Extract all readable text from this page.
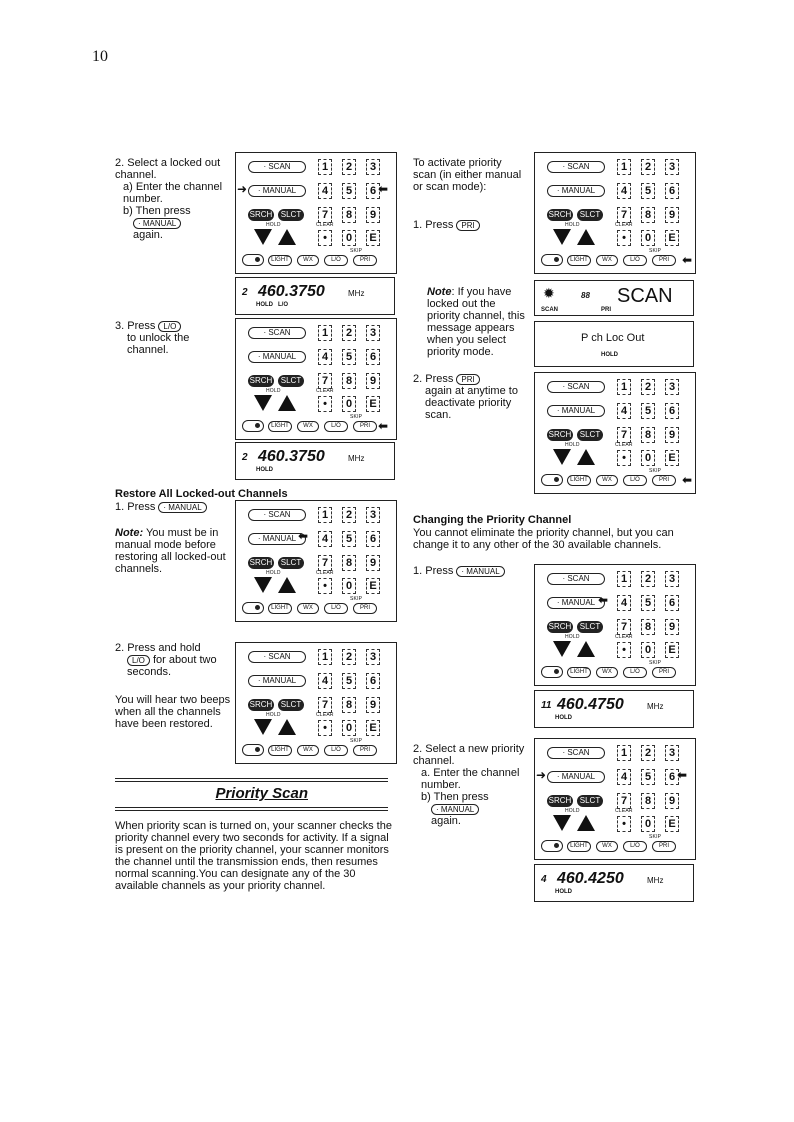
10
2. Select a locked out channel.
a) Enter the channel number.
b) Then press
· MANUAL
again.
3. Press L/O
to unlock the channel.
Restore All Locked-out Channels
1. Press · MANUAL
Note: You must be in manual mode before restoring all locked-out channels.
2. Press and hold
L/O for about two seconds.
You will hear two beeps when all the channels have been restored.
Priority Scan
When priority scan is turned on, your scanner checks the priority channel every two seconds for activity. If a signal is present on the priority channel, your scanner monitors the channel until the transmission ends, then resumes normal scanning.You can designate any of the 30 available channels as your priority channel.
To activate priority scan (in either manual or scan mode):
1. Press PRI
Note: If you have locked out the priority channel, this message appears when you select priority mode.
2. Press PRI
again at anytime to deactivate priority scan.
Changing the Priority Channel
You cannot eliminate the priority channel, but you can change it to any other of the 30 available channels.
1. Press · MANUAL
2. Select a new priority channel.
a. Enter the channel number.
b) Then press
· MANUAL
again.
· SCAN
· MANUAL
SRCH	SLCT
HOLD	CLEAR
1	2	3
4	5	6
7	8	9
•	0	E
SKIP
LIGHT	WX	L/O	PRI
· SCAN
· MANUAL
SRCH	SLCT
HOLD	CLEAR
1	2	3
4	5	6
7	8	9
•	0	E
SKIP
LIGHT	WX	L/O	PRI
· SCAN
· MANUAL
SRCH	SLCT
HOLD	CLEAR
1	2	3
4	5	6
7	8	9
•	0	E
SKIP
LIGHT	WX	L/O	PRI
· SCAN
· MANUAL
SRCH	SLCT
HOLD	CLEAR
1	2	3
4	5	6
7	8	9
•	0	E
SKIP
LIGHT	WX	L/O	PRI
· SCAN
· MANUAL
SRCH	SLCT
HOLD	CLEAR
1	2	3
4	5	6
7	8	9
•	0	E
SKIP
LIGHT	WX	L/O	PRI
· SCAN
· MANUAL
SRCH	SLCT
HOLD	CLEAR
1	2	3
4	5	6
7	8	9
•	0	E
SKIP
LIGHT	WX	L/O	PRI
· SCAN
· MANUAL
SRCH	SLCT
HOLD	CLEAR
1	2	3
4	5	6
7	8	9
•	0	E
SKIP
LIGHT	WX	L/O	PRI
· SCAN
· MANUAL
SRCH	SLCT
HOLD	CLEAR
1	2	3
4	5	6
7	8	9
•	0	E
SKIP
LIGHT	WX	L/O	PRI
➜	⬅
⬅
⬅
⬅
⬅
⬅
➜	⬅
2 460.3750	MHz
HOLD   L/O
2 460.3750	MHz
HOLD
✹	88 SCAN
SCAN	PRI
P ch Loc Out
HOLD
11 460.4750	MHz
HOLD
4 460.4250	MHz
HOLD
